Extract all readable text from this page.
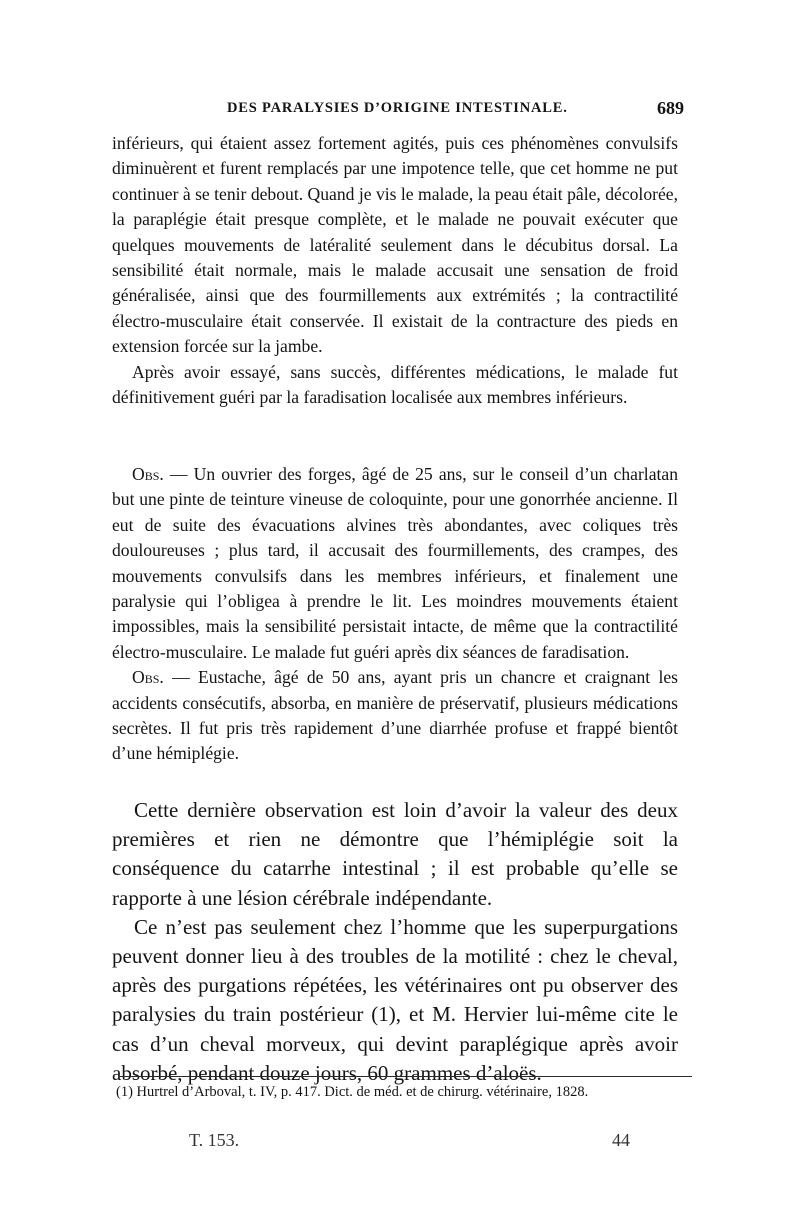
DES PARALYSIES D’ORIGINE INTESTINALE.	689

inférieurs, qui étaient assez fortement agités, puis ces phénomènes convulsifs diminuèrent et furent remplacés par une impotence telle, que cet homme ne put continuer à se tenir debout. Quand je vis le malade, la peau était pâle, décolorée, la paraplégie était presque complète, et le malade ne pouvait exécuter que quelques mouvements de latéralité seulement dans le décubitus dorsal. La sensibilité était normale, mais le malade accusait une sensation de froid généralisée, ainsi que des fourmillements aux extrémités ; la contractilité électro-musculaire était conservée. Il existait de la contracture des pieds en extension forcée sur la jambe.

Après avoir essayé, sans succès, différentes médications, le malade fut définitivement guéri par la faradisation localisée aux membres inférieurs.

Obs. — Un ouvrier des forges, âgé de 25 ans, sur le conseil d’un charlatan but une pinte de teinture vineuse de coloquinte, pour une gonorrhée ancienne. Il eut de suite des évacuations alvines très abondantes, avec coliques très douloureuses ; plus tard, il accusait des fourmillements, des crampes, des mouvements convulsifs dans les membres inférieurs, et finalement une paralysie qui l’obligea à prendre le lit. Les moindres mouvements étaient impossibles, mais la sensibilité persistait intacte, de même que la contractilité électro-musculaire. Le malade fut guéri après dix séances de faradisation.

Obs. — Eustache, âgé de 50 ans, ayant pris un chancre et craignant les accidents consécutifs, absorba, en manière de préservatif, plusieurs médications secrètes. Il fut pris très rapidement d’une diarrhée profuse et frappé bientôt d’une hémiplégie.

Cette dernière observation est loin d’avoir la valeur des deux premières et rien ne démontre que l’hémiplégie soit la conséquence du catarrhe intestinal ; il est probable qu’elle se rapporte à une lésion cérébrale indépendante.

Ce n’est pas seulement chez l’homme que les superpurgations peuvent donner lieu à des troubles de la motilité : chez le cheval, après des purgations répétées, les vétérinaires ont pu observer des paralysies du train postérieur (1), et M. Hervier lui-même cite le cas d’un cheval morveux, qui devint paraplégique après avoir absorbé, pendant douze jours, 60 grammes d’aloës.

(1) Hurtrel d’Arboval, t. IV, p. 417. Dict. de méd. et de chirurg. vétérinaire, 1828.
T. 153.	44
